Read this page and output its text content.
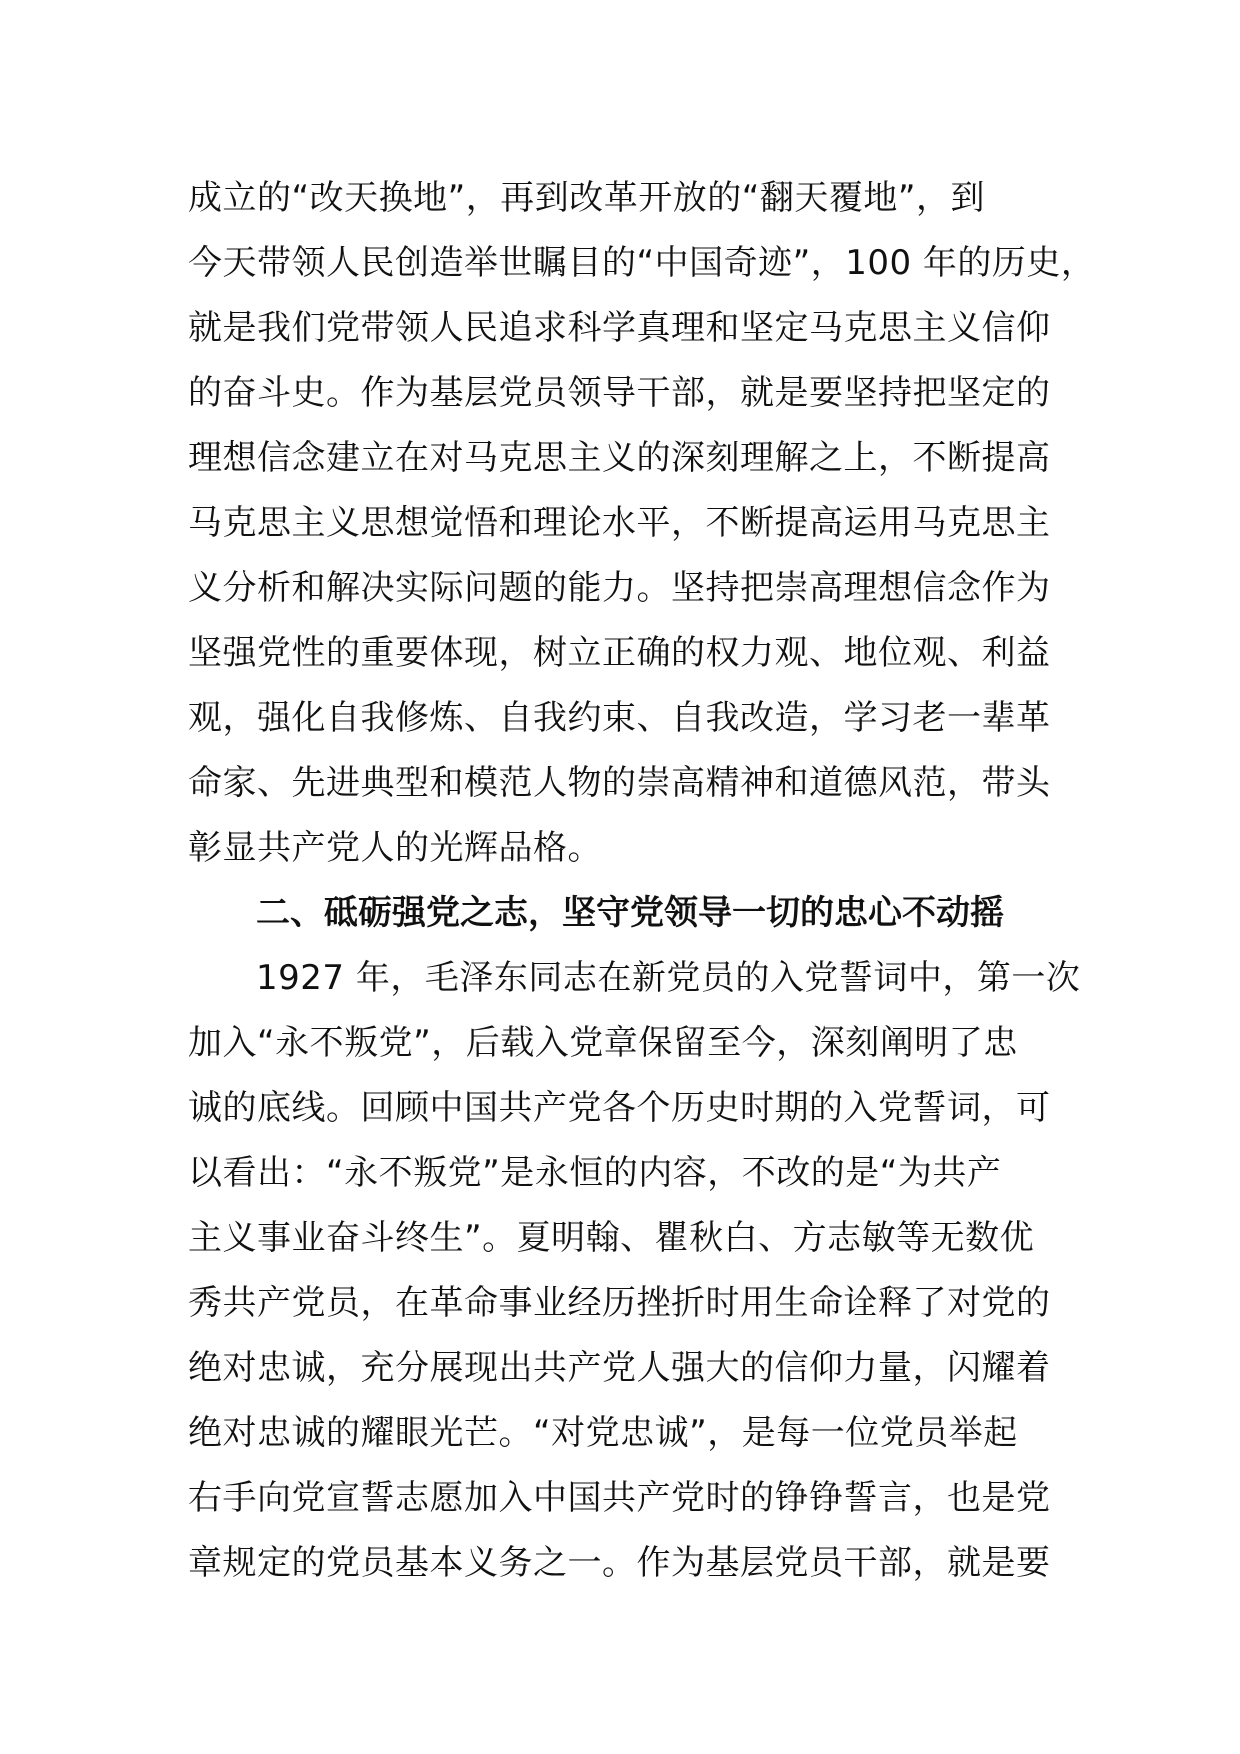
成立的“改天换地”，再到改革开放的“翻天覆地”，到
今天带领人民创造举世瞩目的“中国奇迹”，100 年的历史，
就是我们党带领人民追求科学真理和坚定马克思主义信仰
的奋斗史。作为基层党员领导干部，就是要坚持把坚定的
理想信念建立在对马克思主义的深刻理解之上，不断提高
马克思主义思想觉悟和理论水平，不断提高运用马克思主
义分析和解决实际问题的能力。坚持把崇高理想信念作为
坚强党性的重要体现，树立正确的权力观、地位观、利益
观，强化自我修炼、自我约束、自我改造，学习老一辈革
命家、先进典型和模范人物的崇高精神和道德风范，带头
彰显共产党人的光辉品格。
二、砥砺强党之志，坚守党领导一切的忠心不动摇
1927 年，毛泽东同志在新党员的入党誓词中，第一次
加入“永不叛党”，后载入党章保留至今，深刻阐明了忠
诚的底线。回顾中国共产党各个历史时期的入党誓词，可
以看出：“永不叛党”是永恒的内容，不改的是“为共产
主义事业奋斗终生”。夏明翰、瞿秋白、方志敏等无数优
秀共产党员，在革命事业经历挫折时用生命诠释了对党的
绝对忠诚，充分展现出共产党人强大的信仰力量，闪耀着
绝对忠诚的耀眼光芒。“对党忠诚”，是每一位党员举起
右手向党宣誓志愿加入中国共产党时的铮铮誓言，也是党
章规定的党员基本义务之一。作为基层党员干部，就是要
